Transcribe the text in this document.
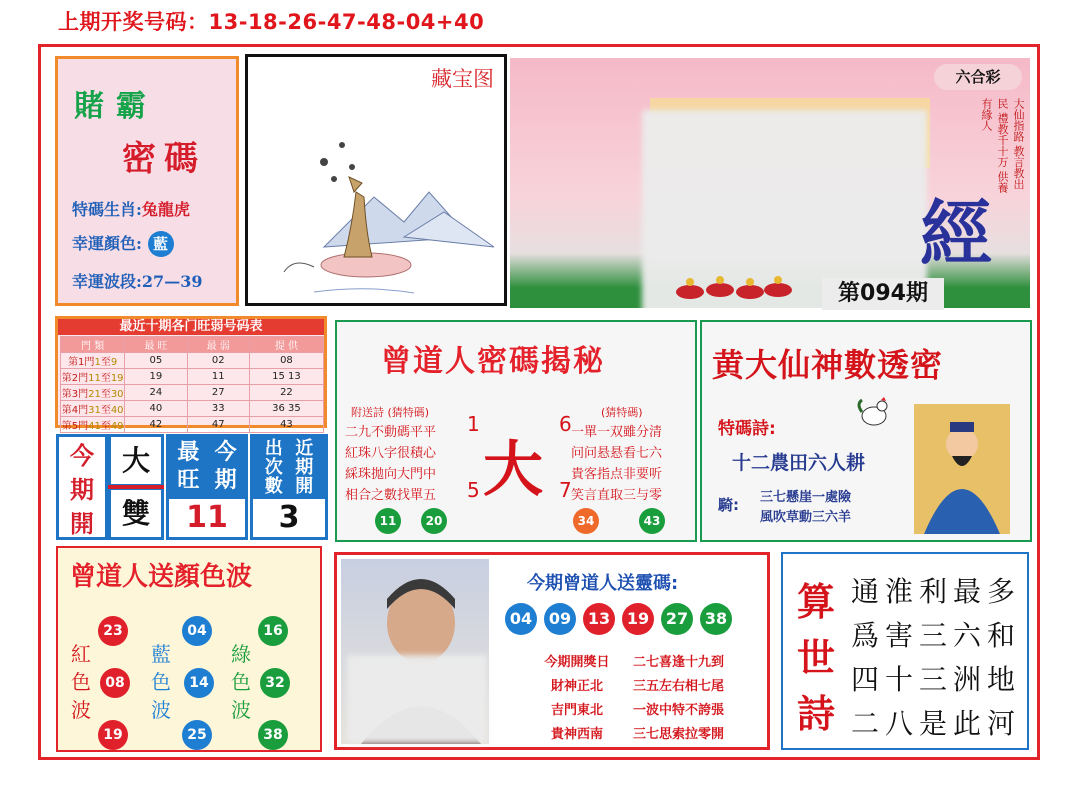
上期开奖号码：13-18-26-47-48-04+40
賭霸
密碼
特碼生肖:兔龍虎
幸運顏色: 藍
幸運波段:27—39
藏宝图	六合彩
大仙指路 教言教出民 禮教千十万 供養有緣人
經
第094期
最近十期各门旺弱号码表
門 類	最 旺	最 弱	提 供
第1門1至9	05	02	08
第2門11至19	19	11	15 13
第3門21至30	24	27	22
第4門31至40	40	33	36 35
第5門41至49	42	47	43
今期開
大
雙
最 今
旺 期
11
出 近
次 期
數 開
3
曾道人密碼揭秘
附送詩 (猜特碼)	(猜特碼)
二九不動碼平平
紅珠八字很積心
綵珠拋向大門中
相合之數找單五
一單一双雖分清
问问悬悬看七六
貴客指点非要听
笑言直取三与零
1
5
6
7
大
11	20	34	43
黄大仙神數透密
特碼詩:
十二農田六人耕
騎: 三七懸崖一處險
風吹草動三六羊
曾道人送顏色波
紅
色
波
藍
色
波
綠
色
波
23
08
19
04
14
25
16
32
38
今期曾道人送靈碼:
04 09 13 19 27 38
今期開獎日
財神正北
吉門東北
貴神西南
二七喜逢十九到
三五左右相七尾
一波中特不誇張
三七思索拉零開
算
世
詩
通淮利最多
爲害三六和
四十三洲地
二八是此河
